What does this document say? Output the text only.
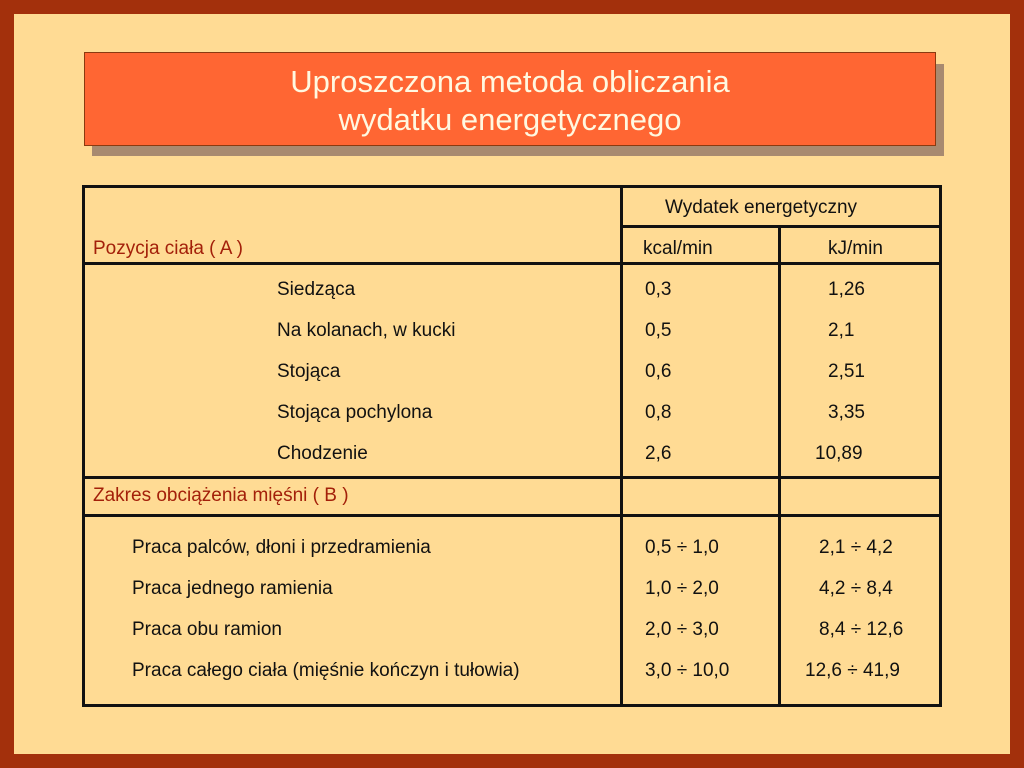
Uproszczona metoda obliczania
wydatku energetycznego
Wydatek energetyczny
Pozycja ciała ( A )	kcal/min	kJ/min
Siedząca	0,3	1,26
Na kolanach, w kucki	0,5	2,1
Stojąca	0,6	2,51
Stojąca pochylona	0,8	3,35
Chodzenie	2,6	10,89
Zakres obciążenia mięśni ( B )
Praca palców, dłoni i przedramienia	0,5 ÷ 1,0	2,1 ÷ 4,2
Praca jednego ramienia	1,0 ÷ 2,0	4,2 ÷ 8,4
Praca obu ramion	2,0 ÷ 3,0	8,4 ÷ 12,6
Praca całego ciała (mięśnie kończyn i tułowia)	3,0 ÷ 10,0	12,6 ÷ 41,9
